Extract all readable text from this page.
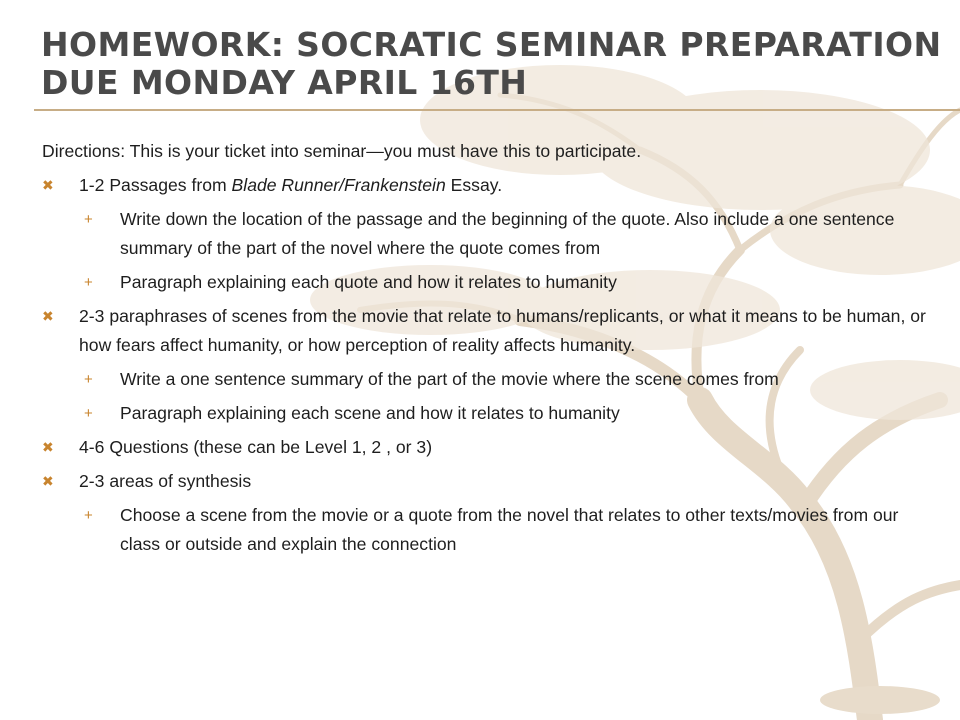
HOMEWORK: SOCRATIC SEMINAR PREPARATION
DUE MONDAY APRIL 16TH
Directions: This is your ticket into seminar—you must have this to participate.
✖ 1-2 Passages from Blade Runner/Frankenstein Essay.
+ Write down the location of the passage and the beginning of the quote. Also include a one sentence summary of the part of the novel where the quote comes from
+ Paragraph explaining each quote and how it relates to humanity
✖ 2-3 paraphrases of scenes from the movie that relate to humans/replicants, or what it means to be human, or how fears affect humanity, or how perception of reality affects humanity.
+ Write a one sentence summary of the part of the movie where the scene comes from
+ Paragraph explaining each scene and how it relates to humanity
✖ 4-6 Questions (these can be Level 1, 2 , or 3)
✖ 2-3 areas of synthesis
+ Choose a scene from the movie or a quote from the novel that relates to other texts/movies from our class or outside and explain the connection
